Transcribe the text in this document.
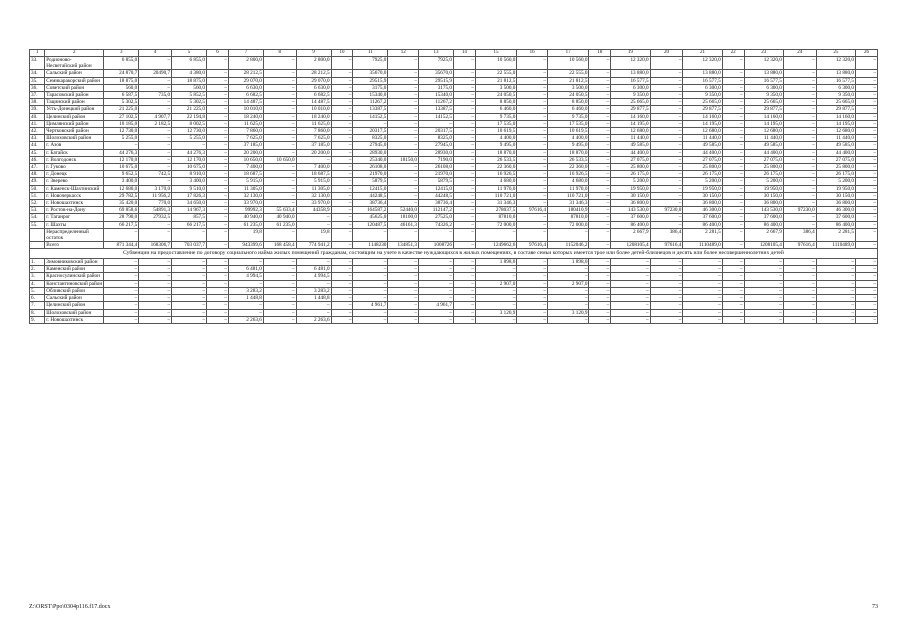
1	2	3	4	5	6	7	8	9	10	11	12	13	14	15	16	17	18	19	20	21	22	23	24	25	26
33.	Родионово-Несветайский район	6 855,0	–	6 855,0	–	2 800,0	–	2 800,0	–	7925,0	–	7925,0	–	10 560,0	–	10 560,0	–	12 320,0	–	12 320,0	–	12 320,0	–	12 320,0	–
34.	Сальский район	24 870,7	20490,7	4 380,0	–	28 212,5	–	28 212,5	–	35670,0	–	35670,0	–	22 555,0	–	22 555,0	–	13 880,0	–	13 880,0	–	13 880,0	–	13 880,0	–
35.	Семикаракорский район	18 875,0	–	18 875,0	–	29 070,0	–	29 070,0	–	29515,9	–	29515,9	–	21 812,5	–	21 812,5	–	16 577,5	–	16 577,5	–	16 577,5	–	16 577,5	–
36.	Советский район	560,0	–	560,0	–	6 630,0	–	6 630,0	–	3175,0	–	3175,0	–	3 500,0	–	3 500,0	–	6 300,0	–	6 300,0	–	6 300,0	–	6 300,0	–
37.	Тарасовский район	6 587,5	735,0	5 852,5	–	6 682,5	–	6 682,5	–	15340,0	–	15340,0	–	24 050,5	–	24 050,5	–	9 350,0	–	9 350,0	–	9 350,0	–	9 350,0	–
38.	Тацинский район	5 302,5	–	5 302,5	–	14 487,5	–	14 487,5	–	11267,2	–	11267,2	–	8 850,0	–	8 850,0	–	25 665,0	–	25 665,0	–	25 665,0	–	25 665,0	–
39.	Усть-Донецкий район	21 225,0	–	21 225,0	–	10 010,0	–	10 010,0	–	13387,5	–	13387,5	–	6 460,0	–	6 460,0	–	29 877,5	–	29 877,5	–	29 877,5	–	29 877,5	–
40.	Целинский район	27 102,5	4 907,7	22 194,8	–	18 240,0	–	18 240,0	–	14152,5	–	14152,5	–	9 735,0	–	9 735,0	–	14 160,0	–	14 160,0	–	14 160,0	–	14 160,0	–
41.	Цимлянский район	10 185,0	2 182,5	8 002,5	–	11 625,0	–	11 625,0	–	–	–	–	–	17 535,0	–	17 535,0	–	14 195,0	–	14 195,0	–	14 195,0	–	14 195,0	–
42.	Чертковский район	12 730,0	–	12 730,0	–	7 860,0	–	7 860,0	–	20317,5	–	20317,5	–	10 619,5	–	10 619,5	–	12 680,0	–	12 680,0	–	12 680,0	–	12 680,0	–
43.	Шолоховский район	5 255,0	–	5 255,0	–	7 625,0	–	7 625,0	–	8325,0	–	8325,0	–	4 400,0	–	4 400,0	–	11 440,0	–	11 440,0	–	11 440,0	–	11 440,0	–
44.	г. Азов	–	–	–	–	37 185,0	–	37 185,0	–	27945,0	–	27945,0	–	9 495,0	–	9 495,0	–	49 585,0	–	49 585,0	–	49 585,0	–	49 585,0	–
45.	г. Батайск	44 276,3	–	44 276,3	–	20 200,0	–	20 200,0	–	28930,0	–	28930,0	–	18 870,0	–	18 870,0	–	44 400,0	–	44 400,0	–	44 400,0	–	44 400,0	–
46.	г. Волгодонск	12 170,0	–	12 170,0	–	10 650,0	10 650,0	–	–	25340,0	18150,0	7190,0	–	26 533,5	–	26 533,5	–	27 075,0	–	27 075,0	–	27 075,0	–	27 075,0	–
47.	г. Гуково	10 675,0	–	10 675,0	–	7 400,0	–	7 400,0	–	26108,0	–	26108,0	–	22 360,0	–	22 360,0	–	25 800,0	–	25 800,0	–	25 800,0	–	25 800,0	–
48.	г. Донецк	9 652,5	742,5	8 910,0	–	18 687,5	–	18 687,5	–	21970,0	–	21970,0	–	16 926,5	–	16 926,5	–	26 175,0	–	26 175,0	–	26 175,0	–	26 175,0	–
49.	г. Зверево	3 400,0	–	3 400,0	–	5 915,0	–	5 915,0	–	5879,5	–	5879,5	–	4 680,0	–	4 680,0	–	5 200,0	–	5 200,0	–	5 200,0	–	5 200,0	–
50.	г. Каменск-Шахтинский	12 680,0	3 170,0	9 510,0	–	11 305,0	–	11 305,0	–	12415,0	–	12415,0	–	11 970,0	–	11 970,0	–	19 950,0	–	19 950,0	–	19 950,0	–	19 950,0	–
51.	г. Новочеркасск	29 782,5	11 956,2	17 826,3	–	32 130,0	–	32 130,0	–	44248,5	–	44248,5	–	110 721,0	–	110 721,0	–	30 150,0	–	30 150,0	–	30 150,0	–	30 150,0	–
52.	г. Новошахтинск	35 420,0	770,0	34 650,0	–	33 970,0	–	33 970,0	–	38736,4	–	38736,4	–	31 346,3	–	31 346,3	–	36 800,0	–	36 800,0	–	36 800,0	–	36 800,0	–
53.	г. Ростов-на-Дону	69 858,6	54891,3	14 967,3	–	99992,3	55 633,4	44358,9	–	164587,2	52440,0	112147,2	–	278037,5	97616,4	180410,9	–	143 530,0	97230,0	46 300,0	–	143 530,0	97230,0	46 300,0	–
54.	г. Таганрог	28 790,0	27932,5	857,5	–	40 940,0	40 940,0	–	–	45625,0	18100,0	27525,0	–	87810,0	–	87810,0	–	37 600,0	–	37 600,0	–	37 600,0	–	37 600,0	–
55.	г. Шахты	66 217,5	–	66 217,5	–	61 235,0	61 235,0	–	–	120487,5	46161,3	74326,2	–	72 000,0	–	72 000,0	–	86 400,0	–	86 400,0	–	86 400,0	–	86 400,0	–
	Нераспределенный остаток	–	–	–	–	19,8	–	19,8	–	–	–	–	–	–	–	–	–	2 667,9	386,4	2 281,5	–	2 667,9	386,4	2 281,5	–
	Всего	871 344,4	168306,7	703 037,7	–	943399,6	168 458,4	774 941,2	–	1148230	134851,3	1008726	–	1249662,6	97616,4	1152046,2	–	1208105,4	97616,4	1110489,0	–	1208105,4	97616,4	1110489,0	–
Субвенции на предоставление по договору социального найма жилых помещений гражданам, состоящим на учете в качестве нуждающихся в жилых помещениях, в составе семьи которых имеется трое или более детей-близнецов и десять или более несовершеннолетних детей																									
1.	Зимовниковский район	–	–	–	–	–	–	–	–	–	–	–	–	1 898,0	–	1 898,0	–	–	–	–	–	–	–	–	–
2.	Каменский район	–	–	–	–	6 481,0	–	6 481,0	–	–	–	–	–	–	–	–	–	–	–	–	–	–	–	–	–
3.	Красносулинский район	–	–	–	–	4 994,5	–	4 994,5	–	–	–	–	–	–	–	–	–	–	–	–	–	–	–	–	–
4.	Константиновский район	–	–	–	–	–	–	–	–	–	–	–	–	2 907,0	–	2 907,0	–	–	–	–	–	–	–	–	–
5.	Обливский район	–	–	–	–	3 283,2	–	3 283,2	–	–	–	–	–	–	–	–	–	–	–	–	–	–	–	–	–
6.	Сальский район	–	–	–	–	1 448,8	–	1 448,8	–	–	–	–	–	–	–	–	–	–	–	–	–	–	–	–	–
7.	Целинский район	–	–	–	–	–	–	–	–	4 961,7	–	4 961,7	–	–	–	–	–	–	–	–	–	–	–	–	–
8.	Шолоховский район	–	–	–	–	–	–	–	–	–	–	–	–	3 120,9	–	3 120,9	–	–	–	–	–	–	–	–	–
9.	г. Новошахтинск	–	–	–	–	2 263,6	–	2 263,6	–	–	–	–	–	–	–	–	–	–	–	–	–	–	–	–	–
Z:\ORST\Ppo\0304p116.f17.docx	73
